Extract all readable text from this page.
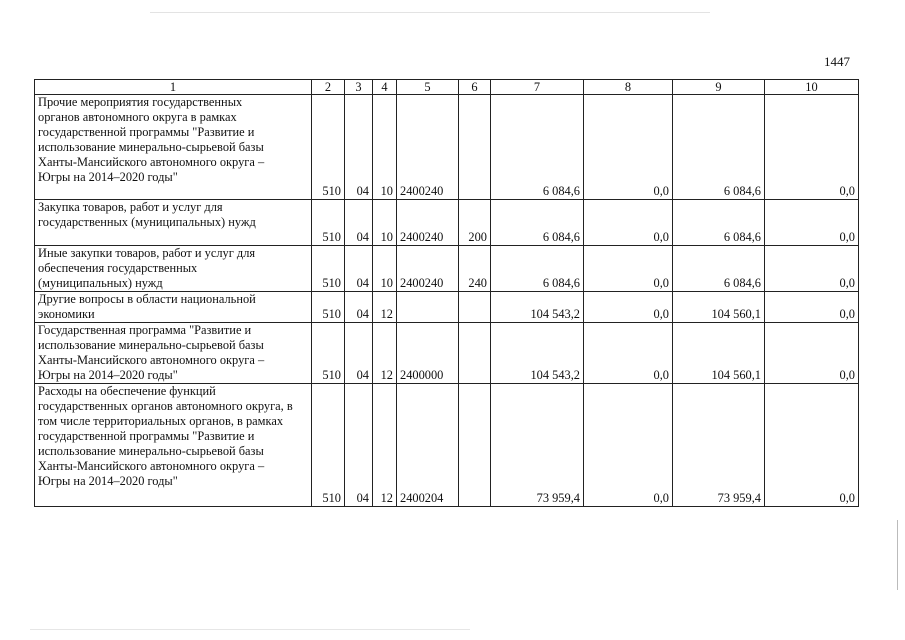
1447
1	2	3	4	5	6	7	8	9	10

Прочие мероприятия государственных органов автономного округа в рамках государственной программы "Развитие и использование минерально-сырьевой базы Ханты-Мансийского автономного округа – Югры на 2014–2020 годы"	510	04	10	2400240		6 084,6	0,0	6 084,6	0,0

Закупка товаров, работ и услуг для государственных (муниципальных) нужд	510	04	10	2400240	200	6 084,6	0,0	6 084,6	0,0

Иные закупки товаров, работ и услуг для обеспечения государственных (муниципальных) нужд	510	04	10	2400240	240	6 084,6	0,0	6 084,6	0,0

Другие вопросы в области национальной экономики	510	04	12			104 543,2	0,0	104 560,1	0,0

Государственная программа "Развитие и использование минерально-сырьевой базы Ханты-Мансийского автономного округа – Югры на 2014–2020 годы"	510	04	12	2400000		104 543,2	0,0	104 560,1	0,0

Расходы на обеспечение функций государственных органов автономного округа, в том числе территориальных органов, в рамках государственной программы "Развитие и использование минерально-сырьевой базы Ханты-Мансийского автономного округа – Югры на 2014–2020 годы"	510	04	12	2400204		73 959,4	0,0	73 959,4	0,0
